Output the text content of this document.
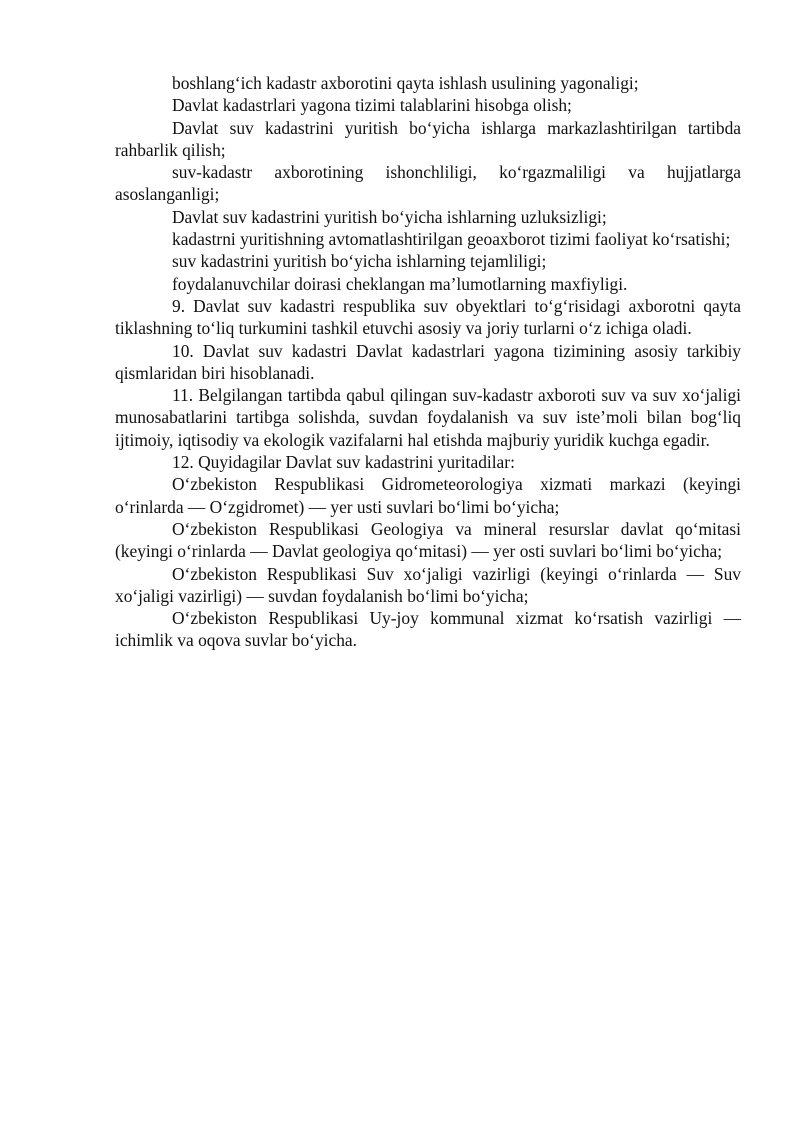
boshlang‘ich kadastr axborotini qayta ishlash usulining yagonaligi;

Davlat kadastrlari yagona tizimi talablarini hisobga olish;

Davlat suv kadastrini yuritish bo‘yicha ishlarga markazlashtirilgan tartibda rahbarlik qilish;

suv-kadastr axborotining ishonchliligi, ko‘rgazmaliligi va hujjatlarga asoslanganligi;

Davlat suv kadastrini yuritish bo‘yicha ishlarning uzluksizligi;

kadastrni yuritishning avtomatlashtirilgan geoaxborot tizimi faoliyat ko‘rsatishi;

suv kadastrini yuritish bo‘yicha ishlarning tejamliligi;

foydalanuvchilar doirasi cheklangan ma’lumotlarning maxfiyligi.

9. Davlat suv kadastri respublika suv obyektlari to‘g‘risidagi axborotni qayta tiklashning to‘liq turkumini tashkil etuvchi asosiy va joriy turlarni o‘z ichiga oladi.

10. Davlat suv kadastri Davlat kadastrlari yagona tizimining asosiy tarkibiy qismlaridan biri hisoblanadi.

11. Belgilangan tartibda qabul qilingan suv-kadastr axboroti suv va suv xo‘jaligi munosabatlarini tartibga solishda, suvdan foydalanish va suv iste’moli bilan bog‘liq ijtimoiy, iqtisodiy va ekologik vazifalarni hal etishda majburiy yuridik kuchga egadir.

12. Quyidagilar Davlat suv kadastrini yuritadilar:

O‘zbekiston Respublikasi Gidrometeorologiya xizmati markazi (keyingi o‘rinlarda — O‘zgidromet) — yer usti suvlari bo‘limi bo‘yicha;

O‘zbekiston Respublikasi Geologiya va mineral resurslar davlat qo‘mitasi (keyingi o‘rinlarda — Davlat geologiya qo‘mitasi) — yer osti suvlari bo‘limi bo‘yicha;

O‘zbekiston Respublikasi Suv xo‘jaligi vazirligi (keyingi o‘rinlarda — Suv xo‘jaligi vazirligi) — suvdan foydalanish bo‘limi bo‘yicha;

O‘zbekiston Respublikasi Uy-joy kommunal xizmat ko‘rsatish vazirligi — ichimlik va oqova suvlar bo‘yicha.
